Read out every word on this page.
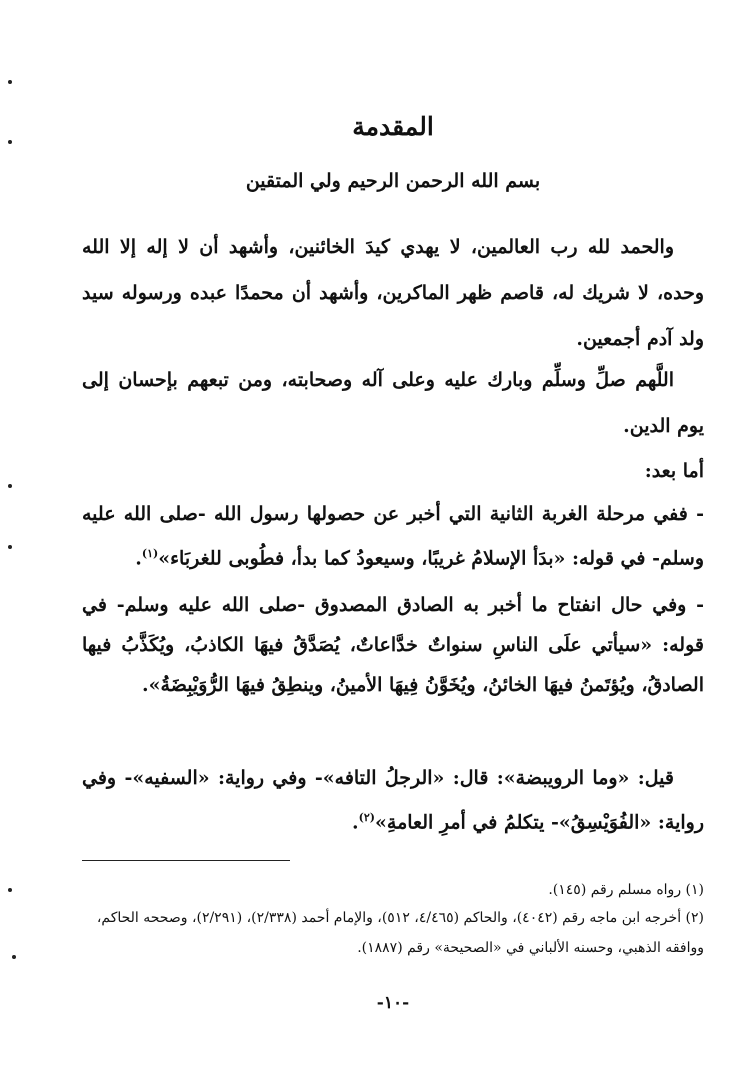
المقدمة
بسم الله الرحمن الرحيم ولي المتقين

والحمد لله رب العالمين، لا يهدي كيدَ الخائنين، وأشهد أن لا إله إلا الله وحده، لا شريك له، قاصم ظهر الماكرين، وأشهد أن محمدًا عبده ورسوله سيد ولد آدم أجمعين.

اللَّهم صلِّ وسلِّم وبارك عليه وعلى آله وصحابته، ومن تبعهم بإحسان إلى يوم الدين.

أما بعد:

- ففي مرحلة الغربة الثانية التي أخبر عن حصولها رسول الله -صلى الله عليه وسلم- في قوله: «بدَأ الإسلامُ غريبًا، وسيعودُ كما بدأ، فطُوبى للغربَاء»$^{(١)}$.

- وفي حال انفتاح ما أخبر به الصادق المصدوق -صلى الله عليه وسلم- في قوله: «سيأتي علَى الناسِ سنواتٌ خدَّاعاتٌ، يُصَدَّقُ فيهَا الكاذبُ، ويُكَذَّبُ فيها الصادقُ، ويُؤتَمنُ فيهَا الخائنُ، ويُخَوَّنُ فِيهَا الأمينُ، وينطِقُ فيهَا الرُّوَيْبِضَةُ».

قيل: «وما الرويبضة»: قال: «الرجلُ التافه»- وفي رواية: «السفيه»- وفي رواية: «الفُوَيْسِقُ»- يتكلمُ في أمرِ العامةِ»$^{(٢)}$.

(١) رواه مسلم رقم (١٤٥).

(٢) أخرجه ابن ماجه رقم (٤٠٤٢)، والحاكم (٤/٤٦٥، ٥١٢)، والإمام أحمد (٢/٣٣٨)، (٢/٢٩١)، وصححه الحاكم، ووافقه الذهبي، وحسنه الألباني في «الصحيحة» رقم (١٨٨٧).

-١٠-
